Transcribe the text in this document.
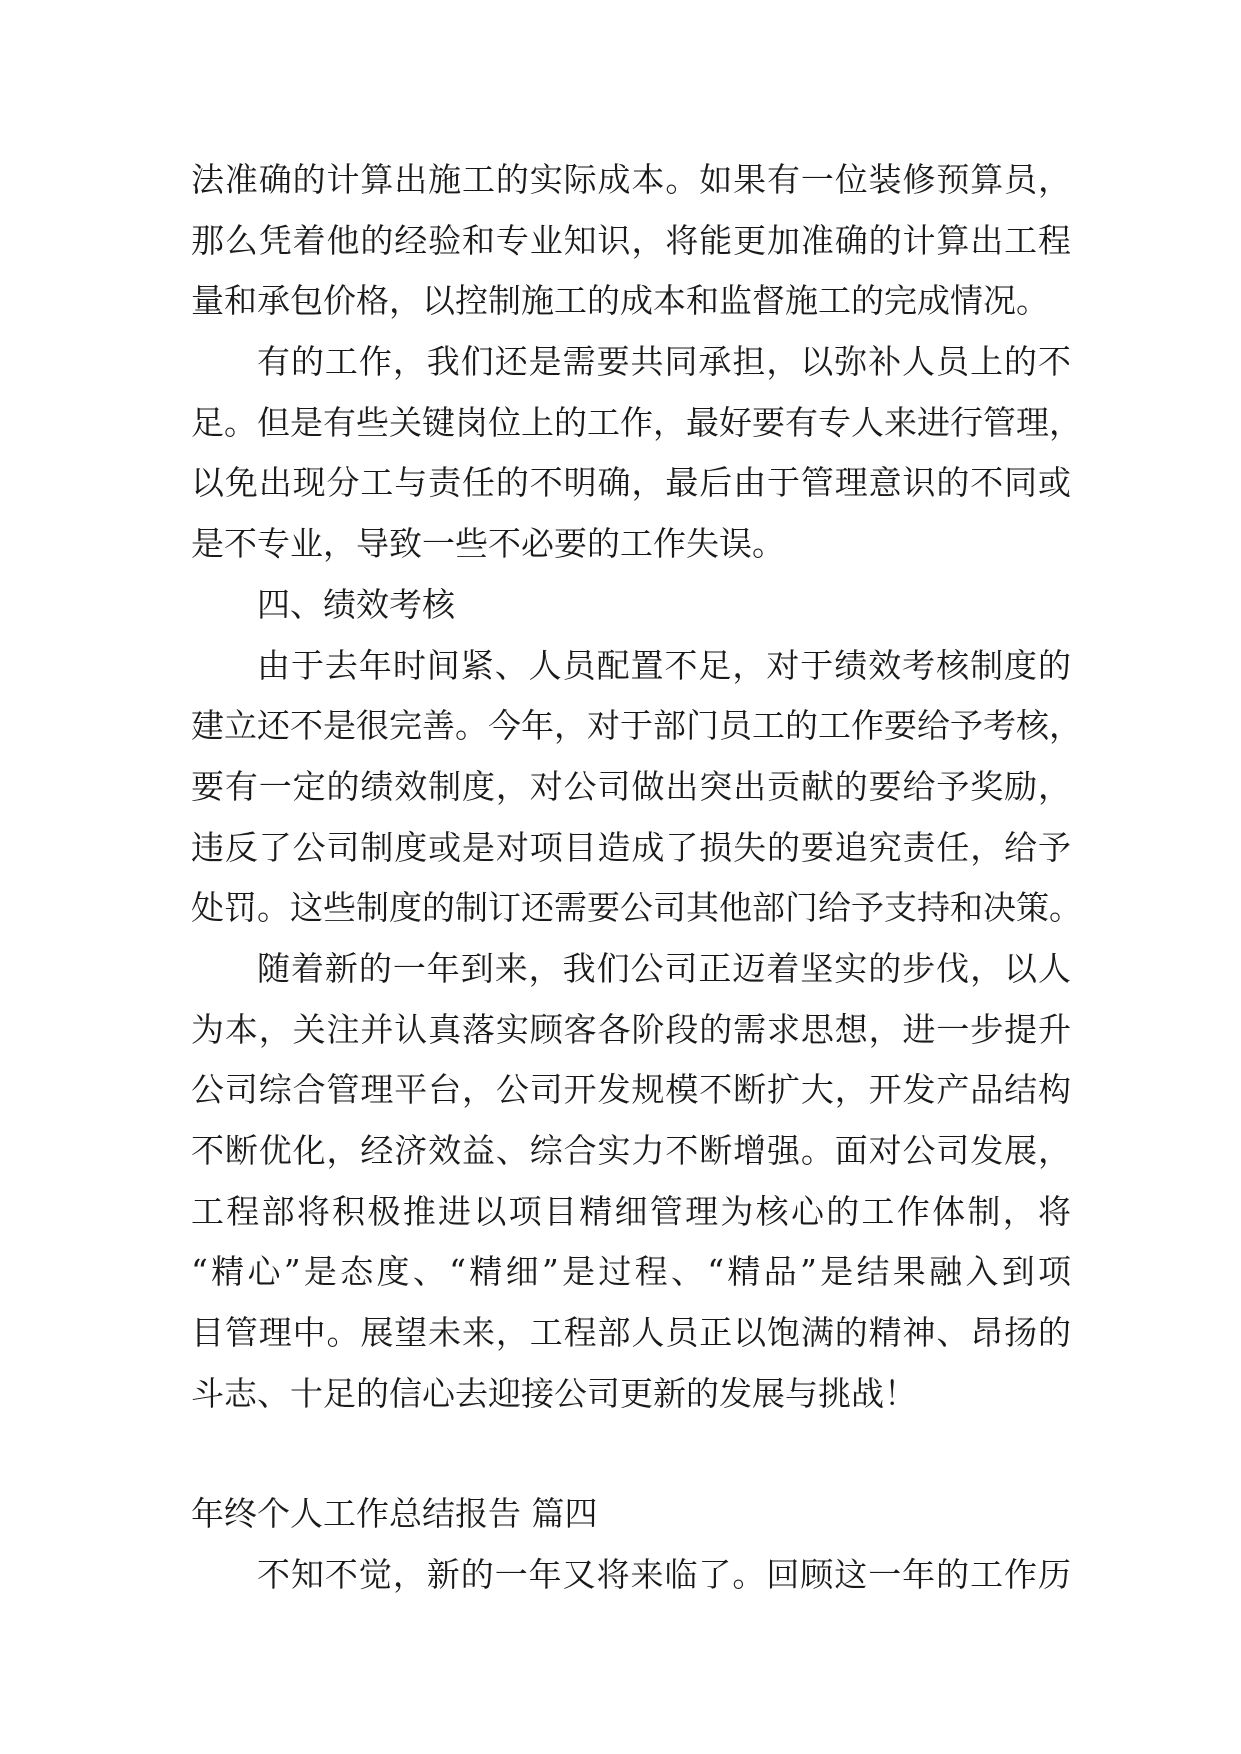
法准确的计算出施工的实际成本。如果有一位装修预算员，
那么凭着他的经验和专业知识，将能更加准确的计算出工程
量和承包价格，以控制施工的成本和监督施工的完成情况。
有的工作，我们还是需要共同承担，以弥补人员上的不
足。但是有些关键岗位上的工作，最好要有专人来进行管理，
以免出现分工与责任的不明确，最后由于管理意识的不同或
是不专业，导致一些不必要的工作失误。
四、绩效考核
由于去年时间紧、人员配置不足，对于绩效考核制度的
建立还不是很完善。今年，对于部门员工的工作要给予考核，
要有一定的绩效制度，对公司做出突出贡献的要给予奖励，
违反了公司制度或是对项目造成了损失的要追究责任，给予
处罚。这些制度的制订还需要公司其他部门给予支持和决策。
随着新的一年到来，我们公司正迈着坚实的步伐，以人
为本，关注并认真落实顾客各阶段的需求思想，进一步提升
公司综合管理平台，公司开发规模不断扩大，开发产品结构
不断优化，经济效益、综合实力不断增强。面对公司发展，
工程部将积极推进以项目精细管理为核心的工作体制，将
“精心”是态度、“精细”是过程、“精品”是结果融入到项
目管理中。展望未来，工程部人员正以饱满的精神、昂扬的
斗志、十足的信心去迎接公司更新的发展与挑战！
年终个人工作总结报告 篇四
不知不觉，新的一年又将来临了。回顾这一年的工作历
